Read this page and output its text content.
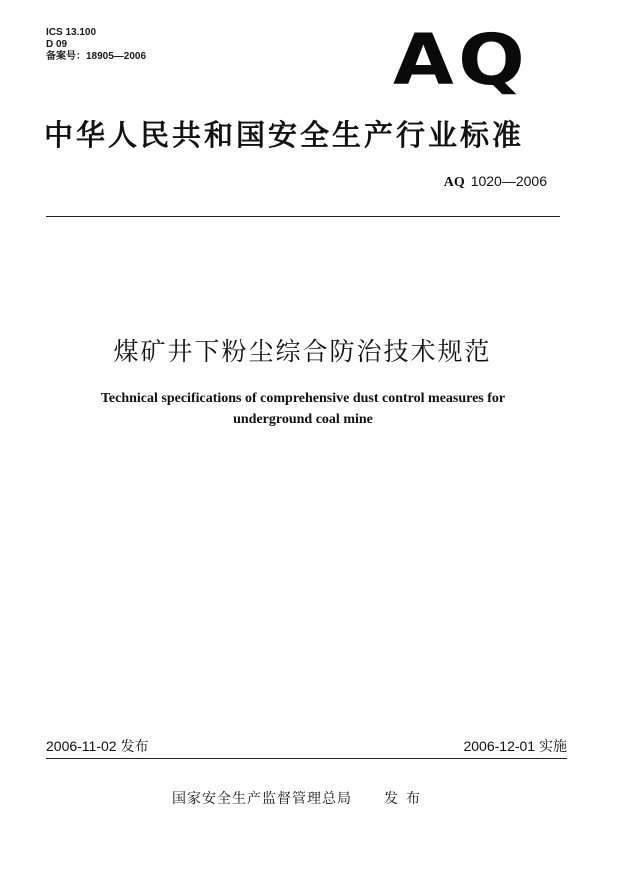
ICS 13.100
D 09
备案号：18905—2006	AQ
中华人民共和国安全生产行业标准
AQ 1020—2006
煤矿井下粉尘综合防治技术规范
Technical specifications of comprehensive dust control measures for
underground coal mine
2006-11-02 发布	2006-12-01 实施
国家安全生产监督管理总局 发布
